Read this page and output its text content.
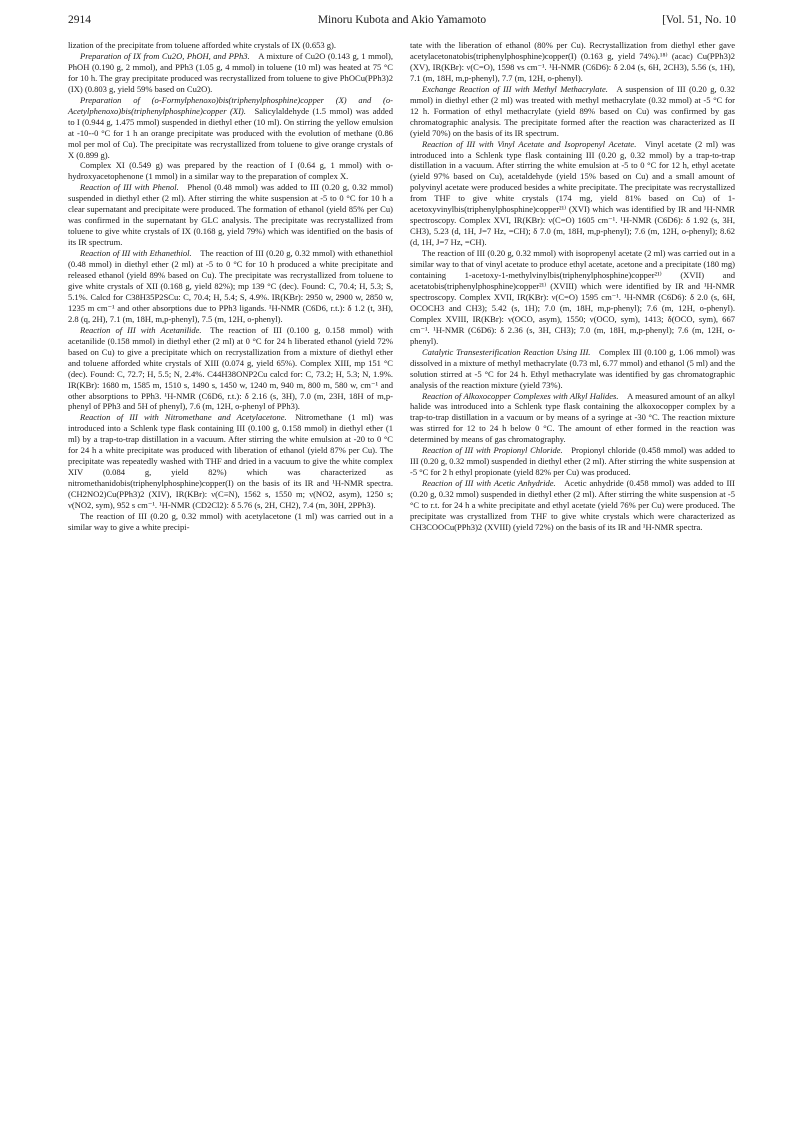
2914	Minoru Kubota and Akio Yamamoto	[Vol. 51, No. 10

lization of the precipitate from toluene afforded white crystals of IX (0.653 g).

Preparation of IX from Cu2O, PhOH, and PPh3.  A mixture of Cu2O (0.143 g, 1 mmol), PhOH (0.190 g, 2 mmol), and PPh3 (1.05 g, 4 mmol) in toluene (10 ml) was heated at 75 °C for 10 h. The gray precipitate produced was recrystallized from toluene to give PhOCu(PPh3)2 (IX) (0.803 g, yield 59% based on Cu2O).

Preparation of (o-Formylphenoxo)bis(triphenylphosphine)copper (X) and (o-Acetylphenoxo)bis(triphenylphosphine)copper (XI).  Salicylaldehyde (1.5 mmol) was added to I (0.944 g, 1.475 mmol) suspended in diethyl ether (10 ml). On stirring the yellow emulsion at -10--0 °C for 1 h an orange precipitate was produced with the evolution of methane (0.86 mol per mol of Cu). The precipitate was recrystallized from toluene to give orange crystals of X (0.899 g).

Complex XI (0.549 g) was prepared by the reaction of I (0.64 g, 1 mmol) with o-hydroxyacetophenone (1 mmol) in a similar way to the preparation of complex X.

Reaction of III with Phenol.  Phenol (0.48 mmol) was added to III (0.20 g, 0.32 mmol) suspended in diethyl ether (2 ml). After stirring the white suspension at -5 to 0 °C for 10 h a clear supernatant and precipitate were produced. The formation of ethanol (yield 85% per Cu) was confirmed in the supernatant by GLC analysis. The precipitate was recrystallized from toluene to give white crystals of IX (0.168 g, yield 79%) which was identified on the basis of its IR spectrum.

Reaction of III with Ethanethiol.  The reaction of III (0.20 g, 0.32 mmol) with ethanethiol (0.48 mmol) in diethyl ether (2 ml) at -5 to 0 °C for 10 h produced a white precipitate and released ethanol (yield 89% based on Cu). The precipitate was recrystallized from toluene to give white crystals of XII (0.168 g, yield 82%); mp 139 °C (dec). Found: C, 70.4; H, 5.3; S, 5.1%. Calcd for C38H35P2SCu: C, 70.4; H, 5.4; S, 4.9%. IR(KBr): 2950 w, 2900 w, 2850 w, 1235 m cm⁻¹ and other absorptions due to PPh3 ligands. ¹H-NMR (C6D6, r.t.): δ 1.2 (t, 3H), 2.8 (q, 2H), 7.1 (m, 18H, m,p-phenyl), 7.5 (m, 12H, o-phenyl).

Reaction of III with Acetanilide.  The reaction of III (0.100 g, 0.158 mmol) with acetanilide (0.158 mmol) in diethyl ether (2 ml) at 0 °C for 24 h liberated ethanol (yield 72% based on Cu) to give a precipitate which on recrystallization from a mixture of diethyl ether and toluene afforded white crystals of XIII (0.074 g, yield 65%). Complex XIII, mp 151 °C (dec). Found: C, 72.7; H, 5.5; N, 2.4%. C44H38ONP2Cu calcd for: C, 73.2; H, 5.3; N, 1.9%. IR(KBr): 1680 m, 1585 m, 1510 s, 1490 s, 1450 w, 1240 m, 940 m, 800 m, 580 w, cm⁻¹ and other absorptions to PPh3. ¹H-NMR (C6D6, r.t.): δ 2.16 (s, 3H), 7.0 (m, 23H, 18H of m,p-phenyl of PPh3 and 5H of phenyl), 7.6 (m, 12H, o-phenyl of PPh3).

Reaction of III with Nitromethane and Acetylacetone.  Nitromethane (1 ml) was introduced into a Schlenk type flask containing III (0.100 g, 0.158 mmol) in diethyl ether (1 ml) by a trap-to-trap distillation in a vacuum. After stirring the white emulsion at -20 to 0 °C for 24 h a white precipitate was produced with liberation of ethanol (yield 87% per Cu). The precipitate was repeatedly washed with THF and dried in a vacuum to give the white complex XIV (0.084 g, yield 82%) which was characterized as nitromethanidobis(triphenylphosphine)copper(I) on the basis of its IR and ¹H-NMR spectra. (CH2NO2)Cu(PPh3)2 (XIV), IR(KBr): ν(C≡N), 1562 s, 1550 m; ν(NO2, asym), 1250 s; ν(NO2, sym), 952 s cm⁻¹. ¹H-NMR (CD2Cl2): δ 5.76 (s, 2H, CH2), 7.4 (m, 30H, 2PPh3).

The reaction of III (0.20 g, 0.32 mmol) with acetylacetone (1 ml) was carried out in a similar way to give a white precipi-

tate with the liberation of ethanol (80% per Cu). Recrystallization from diethyl ether gave acetylacetonatobis(triphenylphosphine)copper(I) (0.163 g, yield 74%).¹⁸⁾ (acac) Cu(PPh3)2 (XV), IR(KBr): ν(C=O), 1598 vs cm⁻¹. ¹H-NMR (C6D6): δ 2.04 (s, 6H, 2CH3), 5.56 (s, 1H), 7.1 (m, 18H, m,p-phenyl), 7.7 (m, 12H, o-phenyl).

Exchange Reaction of III with Methyl Methacrylate.  A suspension of III (0.20 g, 0.32 mmol) in diethyl ether (2 ml) was treated with methyl methacrylate (0.32 mmol) at -5 °C for 12 h. Formation of ethyl methacrylate (yield 89% based on Cu) was confirmed by gas chromatographic analysis. The precipitate formed after the reaction was characterized as II (yield 70%) on the basis of its IR spectrum.

Reaction of III with Vinyl Acetate and Isopropenyl Acetate.  Vinyl acetate (2 ml) was introduced into a Schlenk type flask containing III (0.20 g, 0.32 mmol) by a trap-to-trap distillation in a vacuum. After stirring the white emulsion at -5 to 0 °C for 12 h, ethyl acetate (yield 97% based on Cu), acetaldehyde (yield 15% based on Cu) and a small amount of polyvinyl acetate were produced besides a white precipitate. The precipitate was recrystallized from THF to give white crystals (174 mg, yield 81% based on Cu) of 1-acetoxyvinylbis(triphenylphosphine)copper²¹⁾ (XVI) which was identified by IR and ¹H-NMR spectroscopy. Complex XVI, IR(KBr): ν(C=O) 1605 cm⁻¹. ¹H-NMR (C6D6): δ 1.92 (s, 3H, CH3), 5.23 (d, 1H, J=7 Hz, =CH); δ 7.0 (m, 18H, m,p-phenyl); 7.6 (m, 12H, o-phenyl); 8.62 (d, 1H, J=7 Hz, =CH).

The reaction of III (0.20 g, 0.32 mmol) with isopropenyl acetate (2 ml) was carried out in a similar way to that of vinyl acetate to produce ethyl acetate, acetone and a precipitate (180 mg) containing 1-acetoxy-1-methylvinylbis(triphenylphosphine)copper²¹⁾ (XVII) and acetatobis(triphenylphosphine)copper²¹⁾ (XVIII) which were identified by IR and ¹H-NMR spectroscopy. Complex XVII, IR(KBr): ν(C=O) 1595 cm⁻¹. ¹H-NMR (C6D6): δ 2.0 (s, 6H, OCOCH3 and CH3); 5.42 (s, 1H); 7.0 (m, 18H, m,p-phenyl); 7.6 (m, 12H, o-phenyl). Complex XVIII, IR(KBr): ν(OCO, asym), 1550; ν(OCO, sym), 1413; δ(OCO, sym), 667 cm⁻¹. ¹H-NMR (C6D6): δ 2.36 (s, 3H, CH3); 7.0 (m, 18H, m,p-phenyl); 7.6 (m, 12H, o-phenyl).

Catalytic Transesterification Reaction Using III.  Complex III (0.100 g, 1.06 mmol) was dissolved in a mixture of methyl methacrylate (0.73 ml, 6.77 mmol) and ethanol (5 ml) and the solution stirred at -5 °C for 24 h. Ethyl methacrylate was identified by gas chromatographic analysis of the reaction mixture (yield 73%).

Reaction of Alkoxocopper Complexes with Alkyl Halides.  A measured amount of an alkyl halide was introduced into a Schlenk type flask containing the alkoxocopper complex by a trap-to-trap distillation in a vacuum or by means of a syringe at -30 °C. The reaction mixture was stirred for 12 to 24 h below 0 °C. The amount of ether formed in the reaction was determined by means of gas chromatography.

Reaction of III with Propionyl Chloride.  Propionyl chloride (0.458 mmol) was added to III (0.20 g, 0.32 mmol) suspended in diethyl ether (2 ml). After stirring the white suspension at -5 °C for 2 h ethyl propionate (yield 82% per Cu) was produced.

Reaction of III with Acetic Anhydride.  Acetic anhydride (0.458 mmol) was added to III (0.20 g, 0.32 mmol) suspended in diethyl ether (2 ml). After stirring the white suspension at -5 °C to r.t. for 24 h a white precipitate and ethyl acetate (yield 76% per Cu) were produced. The precipitate was crystallized from THF to give white crystals which were characterized as CH3COOCu(PPh3)2 (XVIII) (yield 72%) on the basis of its IR and ¹H-NMR spectra.
